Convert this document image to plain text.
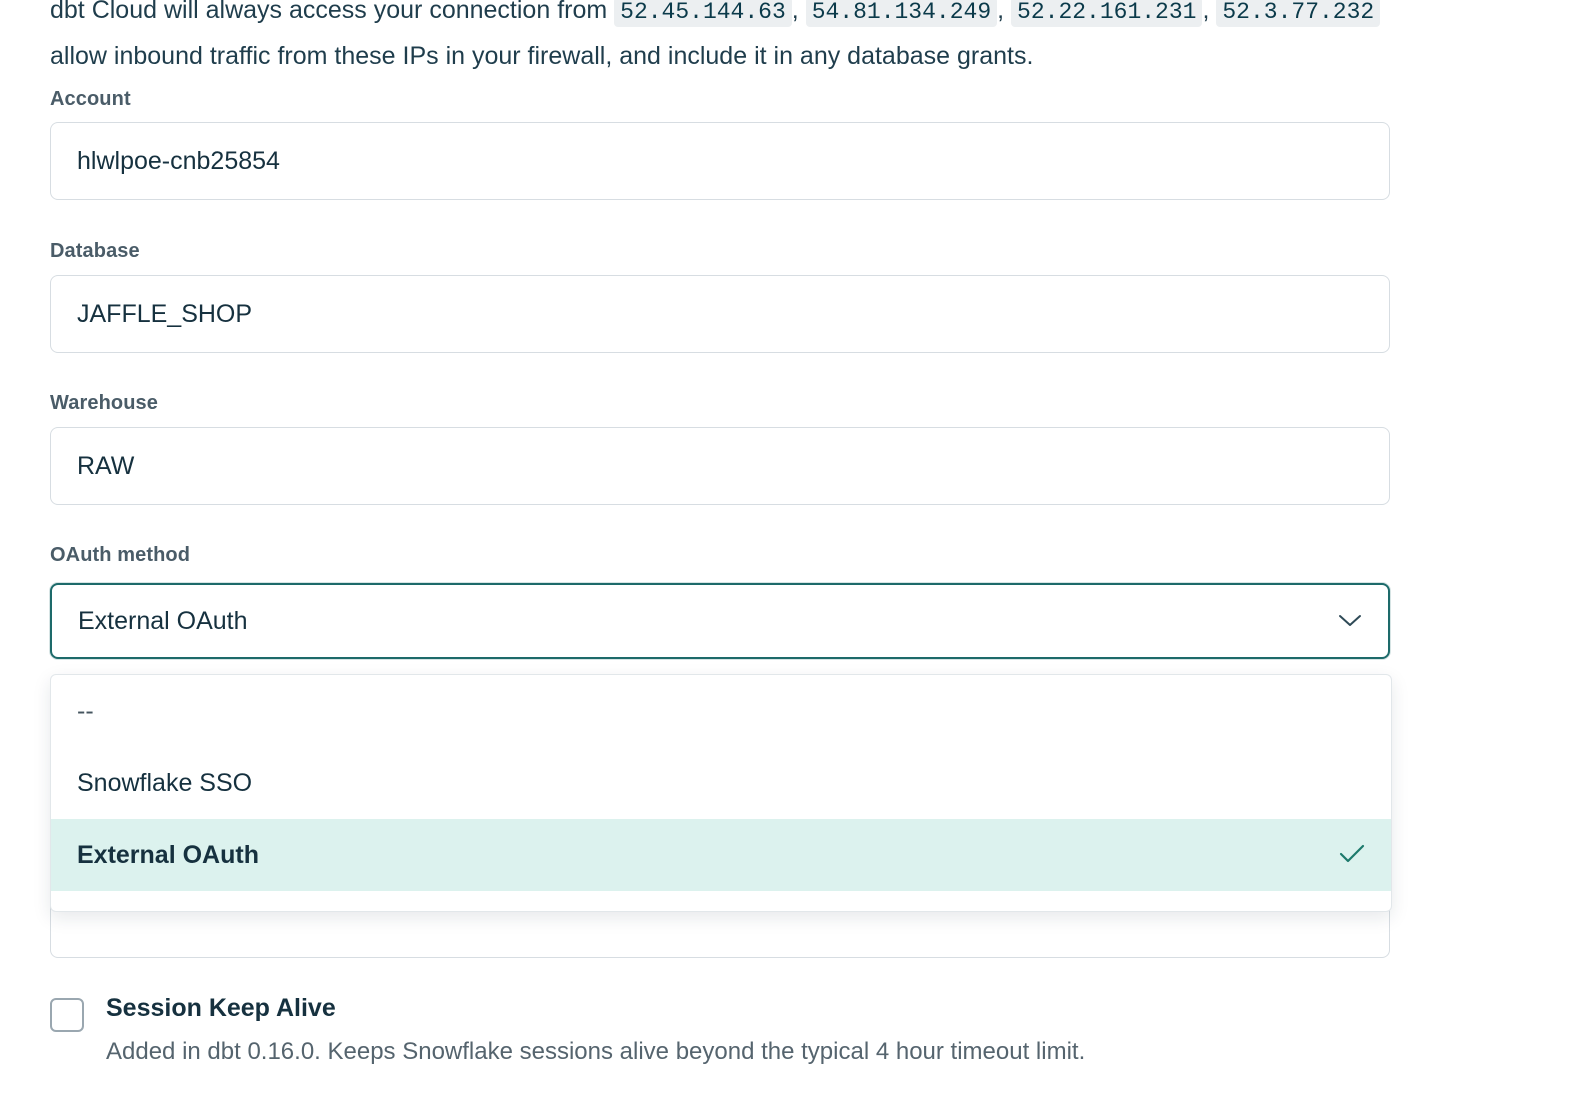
dbt Cloud will always access your connection from 52.45.144.63 , 54.81.134.249 , 52.22.161.231 , 52.3.77.232
allow inbound traffic from these IPs in your firewall, and include it in any database grants.
Account
hlwlpoe-cnb25854
Database
JAFFLE_SHOP
Warehouse
RAW
OAuth method
External OAuth
--
Snowflake SSO
External OAuth
Session Keep Alive
Added in dbt 0.16.0. Keeps Snowflake sessions alive beyond the typical 4 hour timeout limit.
